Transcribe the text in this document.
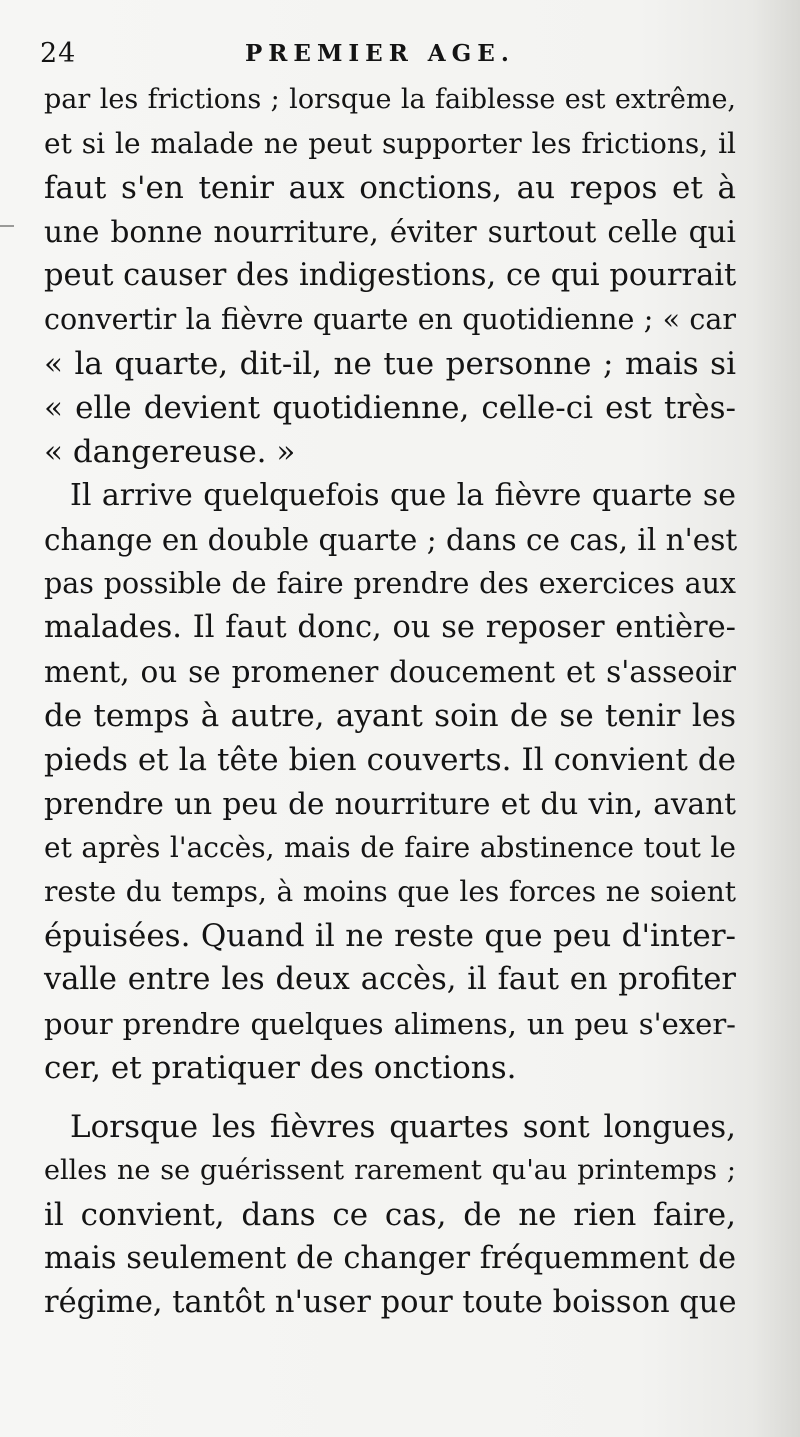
24	PREMIER AGE.
par les frictions ; lorsque la faiblesse est extrême,
et si le malade ne peut supporter les frictions, il
faut s'en tenir aux onctions, au repos et à
une bonne nourriture, éviter surtout celle qui
peut causer des indigestions, ce qui pourrait
convertir la fièvre quarte en quotidienne ; « car
« la quarte, dit-il, ne tue personne ; mais si
« elle devient quotidienne, celle-ci est très-
« dangereuse. »
Il arrive quelquefois que la fièvre quarte se
change en double quarte ; dans ce cas, il n'est
pas possible de faire prendre des exercices aux
malades. Il faut donc, ou se reposer entière-
ment, ou se promener doucement et s'asseoir
de temps à autre, ayant soin de se tenir les
pieds et la tête bien couverts. Il convient de
prendre un peu de nourriture et du vin, avant
et après l'accès, mais de faire abstinence tout le
reste du temps, à moins que les forces ne soient
épuisées. Quand il ne reste que peu d'inter-
valle entre les deux accès, il faut en profiter
pour prendre quelques alimens, un peu s'exer-
cer, et pratiquer des onctions.
Lorsque les fièvres quartes sont longues,
elles ne se guérissent rarement qu'au printemps ;
il convient, dans ce cas, de ne rien faire,
mais seulement de changer fréquemment de
régime, tantôt n'user pour toute boisson que
